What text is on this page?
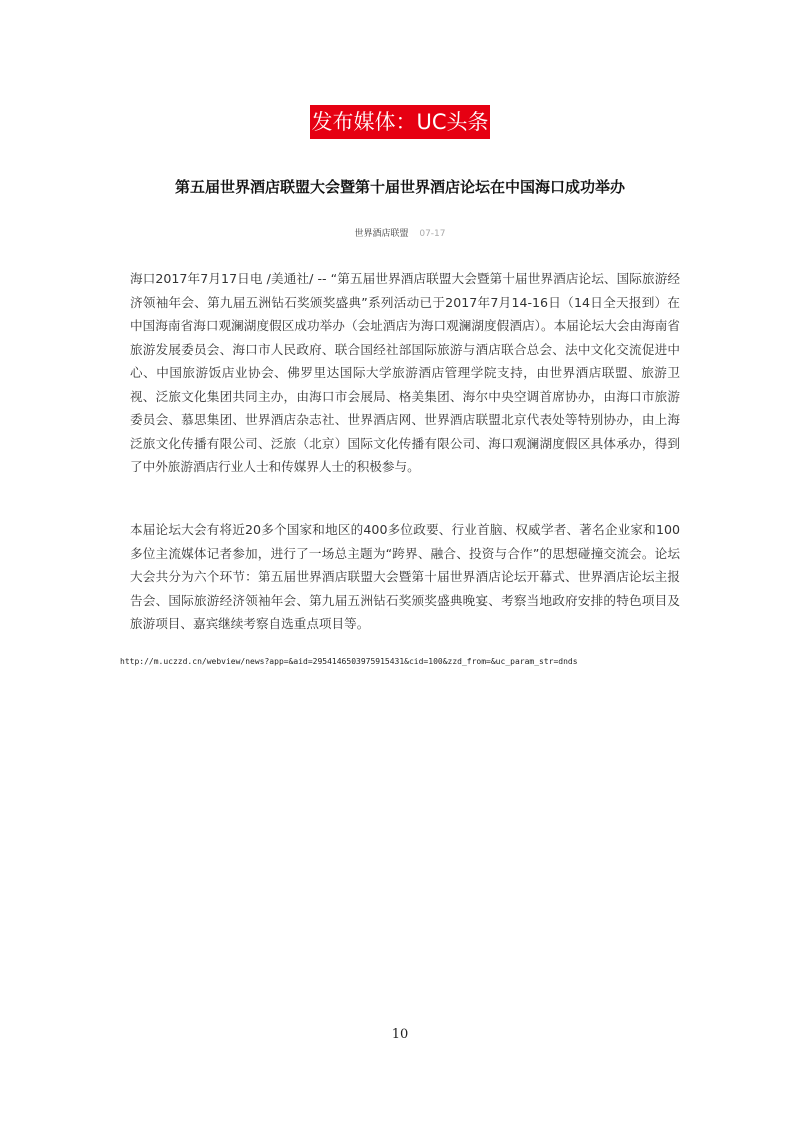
发布媒体：UC头条
第五届世界酒店联盟大会暨第十届世界酒店论坛在中国海口成功举办
世界酒店联盟 07-17

海口2017年7月17日电 /美通社/ -- “第五届世界酒店联盟大会暨第十届世界酒店论坛、国际旅游经济领袖年会、第九届五洲钻石奖颁奖盛典”系列活动已于2017年7月14-16日（14日全天报到）在中国海南省海口观澜湖度假区成功举办（会址酒店为海口观澜湖度假酒店）。本届论坛大会由海南省旅游发展委员会、海口市人民政府、联合国经社部国际旅游与酒店联合总会、法中文化交流促进中心、中国旅游饭店业协会、佛罗里达国际大学旅游酒店管理学院支持，由世界酒店联盟、旅游卫视、泛旅文化集团共同主办，由海口市会展局、格美集团、海尔中央空调首席协办，由海口市旅游委员会、慕思集团、世界酒店杂志社、世界酒店网、世界酒店联盟北京代表处等特别协办，由上海泛旅文化传播有限公司、泛旅（北京）国际文化传播有限公司、海口观澜湖度假区具体承办，得到了中外旅游酒店行业人士和传媒界人士的积极参与。

本届论坛大会有将近20多个国家和地区的400多位政要、行业首脑、权威学者、著名企业家和100多位主流媒体记者参加，进行了一场总主题为“跨界、融合、投资与合作”的思想碰撞交流会。论坛大会共分为六个环节：第五届世界酒店联盟大会暨第十届世界酒店论坛开幕式、世界酒店论坛主报告会、国际旅游经济领袖年会、第九届五洲钻石奖颁奖盛典晚宴、考察当地政府安排的特色项目及旅游项目、嘉宾继续考察自选重点项目等。

http://m.uczzd.cn/webview/news?app=&aid=2954146503975915431&cid=100&zzd_from=&uc_param_str=dnds

10
